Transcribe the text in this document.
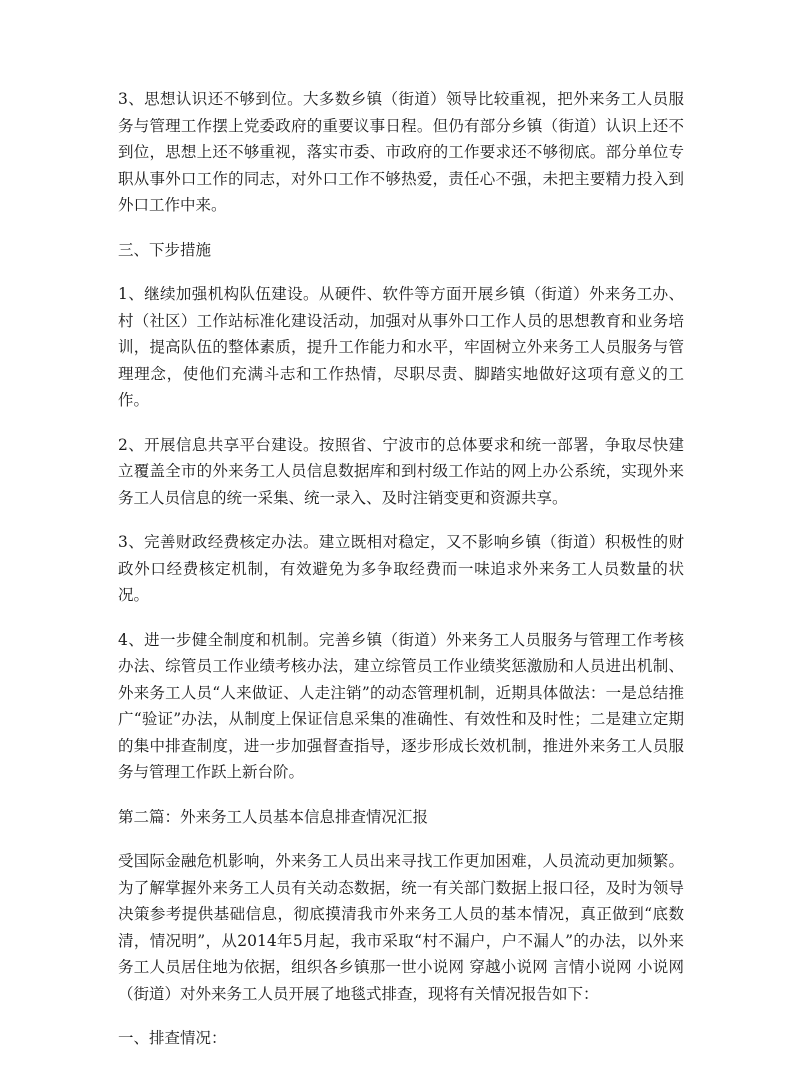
3、思想认识还不够到位。大多数乡镇（街道）领导比较重视，把外来务工人员服务与管理工作摆上党委政府的重要议事日程。但仍有部分乡镇（街道）认识上还不到位，思想上还不够重视，落实市委、市政府的工作要求还不够彻底。部分单位专职从事外口工作的同志，对外口工作不够热爱，责任心不强，未把主要精力投入到外口工作中来。

三、下步措施

1、继续加强机构队伍建设。从硬件、软件等方面开展乡镇（街道）外来务工办、村（社区）工作站标准化建设活动，加强对从事外口工作人员的思想教育和业务培训，提高队伍的整体素质，提升工作能力和水平，牢固树立外来务工人员服务与管理理念，使他们充满斗志和工作热情，尽职尽责、脚踏实地做好这项有意义的工作。

2、开展信息共享平台建设。按照省、宁波市的总体要求和统一部署，争取尽快建立覆盖全市的外来务工人员信息数据库和到村级工作站的网上办公系统，实现外来务工人员信息的统一采集、统一录入、及时注销变更和资源共享。

3、完善财政经费核定办法。建立既相对稳定，又不影响乡镇（街道）积极性的财政外口经费核定机制，有效避免为多争取经费而一味追求外来务工人员数量的状况。

4、进一步健全制度和机制。完善乡镇（街道）外来务工人员服务与管理工作考核办法、综管员工作业绩考核办法，建立综管员工作业绩奖惩激励和人员进出机制、外来务工人员“人来做证、人走注销”的动态管理机制，近期具体做法：一是总结推广“验证”办法，从制度上保证信息采集的准确性、有效性和及时性；二是建立定期的集中排查制度，进一步加强督查指导，逐步形成长效机制，推进外来务工人员服务与管理工作跃上新台阶。

第二篇：外来务工人员基本信息排查情况汇报

受国际金融危机影响，外来务工人员出来寻找工作更加困难，人员流动更加频繁。为了解掌握外来务工人员有关动态数据，统一有关部门数据上报口径，及时为领导决策参考提供基础信息，彻底摸清我市外来务工人员的基本情况，真正做到“底数清，情况明”，从2014年5月起，我市采取“村不漏户，户不漏人”的办法，以外来务工人员居住地为依据，组织各乡镇那一世小说网 穿越小说网 言情小说网 小说网（街道）对外来务工人员开展了地毯式排查，现将有关情况报告如下：

一、排查情况：
